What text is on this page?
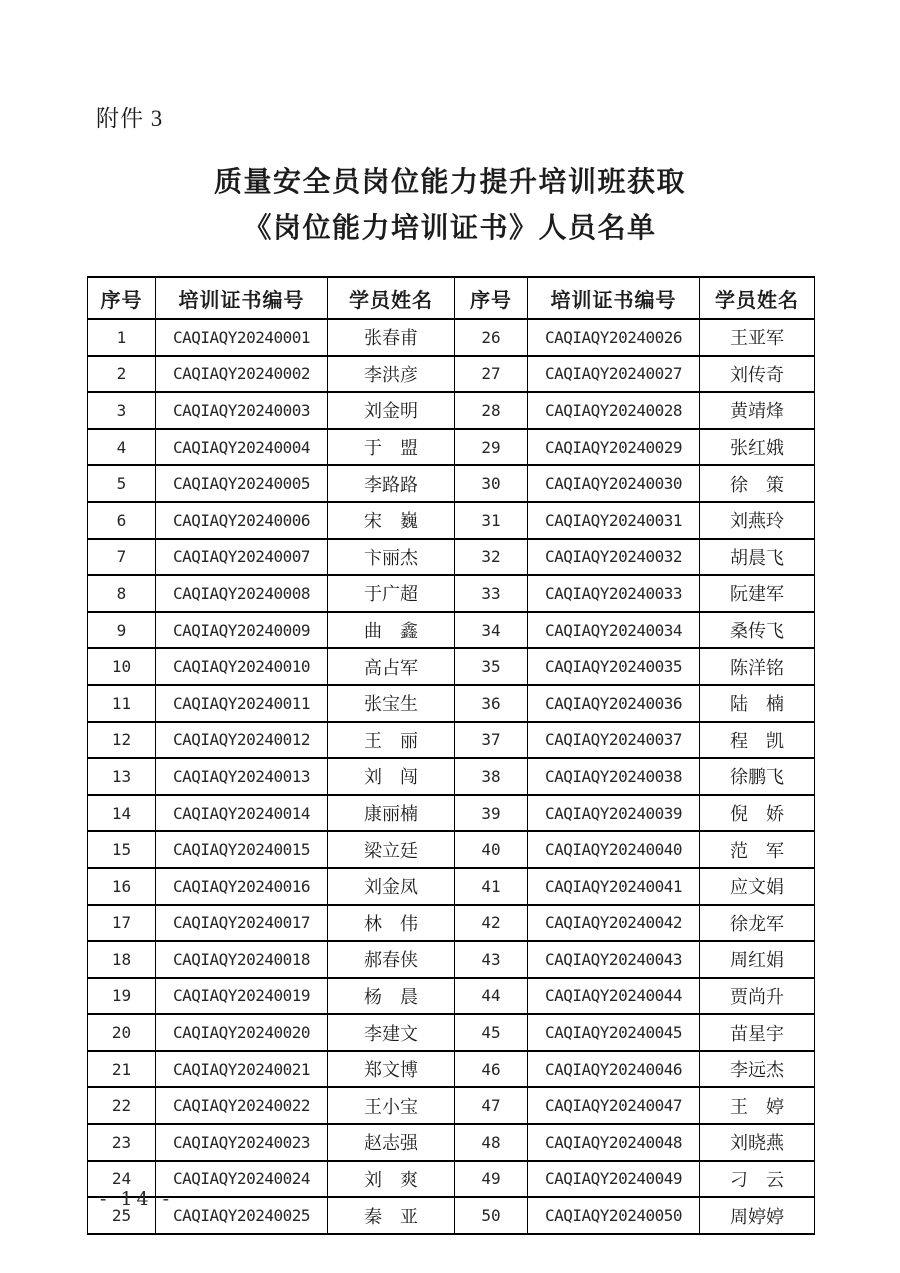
附件 3
质量安全员岗位能力提升培训班获取
《岗位能力培训证书》人员名单
序号	培训证书编号	学员姓名	序号	培训证书编号	学员姓名
1	CAQIAQY20240001	张春甫	26	CAQIAQY20240026	王亚军
2	CAQIAQY20240002	李洪彦	27	CAQIAQY20240027	刘传奇
3	CAQIAQY20240003	刘金明	28	CAQIAQY20240028	黄靖烽
4	CAQIAQY20240004	于　盟	29	CAQIAQY20240029	张红娥
5	CAQIAQY20240005	李路路	30	CAQIAQY20240030	徐　策
6	CAQIAQY20240006	宋　巍	31	CAQIAQY20240031	刘燕玲
7	CAQIAQY20240007	卞丽杰	32	CAQIAQY20240032	胡晨飞
8	CAQIAQY20240008	于广超	33	CAQIAQY20240033	阮建军
9	CAQIAQY20240009	曲　鑫	34	CAQIAQY20240034	桑传飞
10	CAQIAQY20240010	高占军	35	CAQIAQY20240035	陈洋铭
11	CAQIAQY20240011	张宝生	36	CAQIAQY20240036	陆　楠
12	CAQIAQY20240012	王　丽	37	CAQIAQY20240037	程　凯
13	CAQIAQY20240013	刘　闯	38	CAQIAQY20240038	徐鹏飞
14	CAQIAQY20240014	康丽楠	39	CAQIAQY20240039	倪　娇
15	CAQIAQY20240015	梁立廷	40	CAQIAQY20240040	范　军
16	CAQIAQY20240016	刘金凤	41	CAQIAQY20240041	应文娟
17	CAQIAQY20240017	林　伟	42	CAQIAQY20240042	徐龙军
18	CAQIAQY20240018	郝春侠	43	CAQIAQY20240043	周红娟
19	CAQIAQY20240019	杨　晨	44	CAQIAQY20240044	贾尚升
20	CAQIAQY20240020	李建文	45	CAQIAQY20240045	苗星宇
21	CAQIAQY20240021	郑文博	46	CAQIAQY20240046	李远杰
22	CAQIAQY20240022	王小宝	47	CAQIAQY20240047	王　婷
23	CAQIAQY20240023	赵志强	48	CAQIAQY20240048	刘晓燕
24	CAQIAQY20240024	刘　爽	49	CAQIAQY20240049	刁　云
25	CAQIAQY20240025	秦　亚	50	CAQIAQY20240050	周婷婷
- 14 -
